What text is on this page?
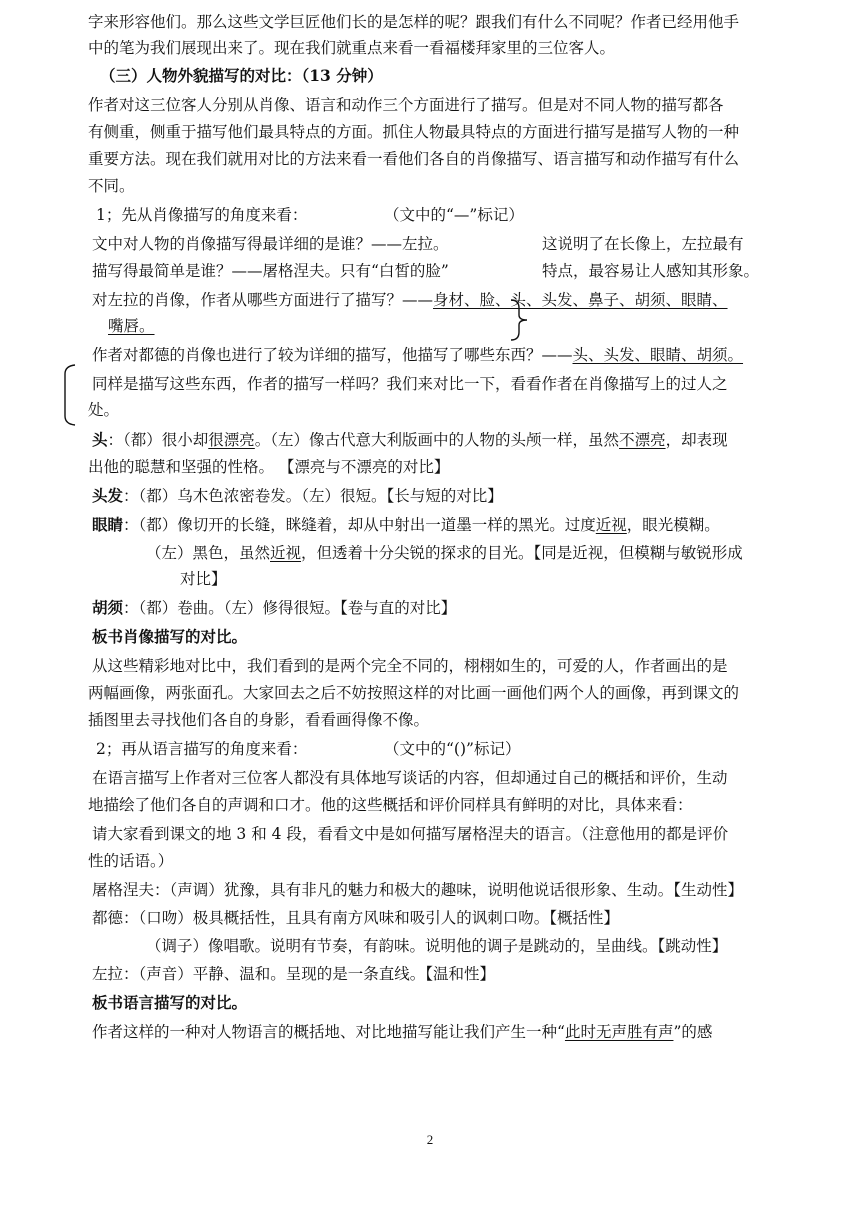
字来形容他们。那么这些文学巨匠他们长的是怎样的呢？跟我们有什么不同呢？作者已经用他手
中的笔为我们展现出来了。现在我们就重点来看一看福楼拜家里的三位客人。
（三）人物外貌描写的对比：（13 分钟）
作者对这三位客人分别从肖像、语言和动作三个方面进行了描写。但是对不同人物的描写都各
有侧重，侧重于描写他们最具特点的方面。抓住人物最具特点的方面进行描写是描写人物的一种
重要方法。现在我们就用对比的方法来看一看他们各自的肖像描写、语言描写和动作描写有什么
不同。
1；先从肖像描写的角度来看：	（文中的“—”标记）
文中对人物的肖像描写得最详细的是谁？——左拉。	这说明了在长像上，左拉最有
描写得最简单是谁？——屠格涅夫。只有“白皙的脸”	特点，最容易让人感知其形象。
对左拉的肖像，作者从哪些方面进行了描写？——身材、脸、头、头发、鼻子、胡须、眼睛、
嘴唇。
作者对都德的肖像也进行了较为详细的描写，他描写了哪些东西？——头、头发、眼睛、胡须。
同样是描写这些东西，作者的描写一样吗？我们来对比一下，看看作者在肖像描写上的过人之
处。
头：（都）很小却很漂亮。（左）像古代意大利版画中的人物的头颅一样，虽然不漂亮，却表现
出他的聪慧和坚强的性格。 【漂亮与不漂亮的对比】
头发：（都）乌木色浓密卷发。（左）很短。【长与短的对比】
眼睛：（都）像切开的长缝，眯缝着，却从中射出一道墨一样的黑光。过度近视，眼光模糊。
（左）黑色，虽然近视，但透着十分尖锐的探求的目光。【同是近视，但模糊与敏锐形成
对比】
胡须：（都）卷曲。（左）修得很短。【卷与直的对比】
板书肖像描写的对比。
从这些精彩地对比中，我们看到的是两个完全不同的，栩栩如生的，可爱的人，作者画出的是
两幅画像，两张面孔。大家回去之后不妨按照这样的对比画一画他们两个人的画像，再到课文的
插图里去寻找他们各自的身影，看看画得像不像。
2；再从语言描写的角度来看：	（文中的“()”标记）
在语言描写上作者对三位客人都没有具体地写谈话的内容，但却通过自己的概括和评价，生动
地描绘了他们各自的声调和口才。他的这些概括和评价同样具有鲜明的对比，具体来看：
请大家看到课文的地 3 和 4 段，看看文中是如何描写屠格涅夫的语言。（注意他用的都是评价
性的话语。）
屠格涅夫：（声调）犹豫，具有非凡的魅力和极大的趣味，说明他说话很形象、生动。【生动性】
都德：（口吻）极具概括性，且具有南方风味和吸引人的讽刺口吻。【概括性】
（调子）像唱歌。说明有节奏，有韵味。说明他的调子是跳动的，呈曲线。【跳动性】
左拉：（声音）平静、温和。呈现的是一条直线。【温和性】
板书语言描写的对比。
作者这样的一种对人物语言的概括地、对比地描写能让我们产生一种“此时无声胜有声”的感
2
